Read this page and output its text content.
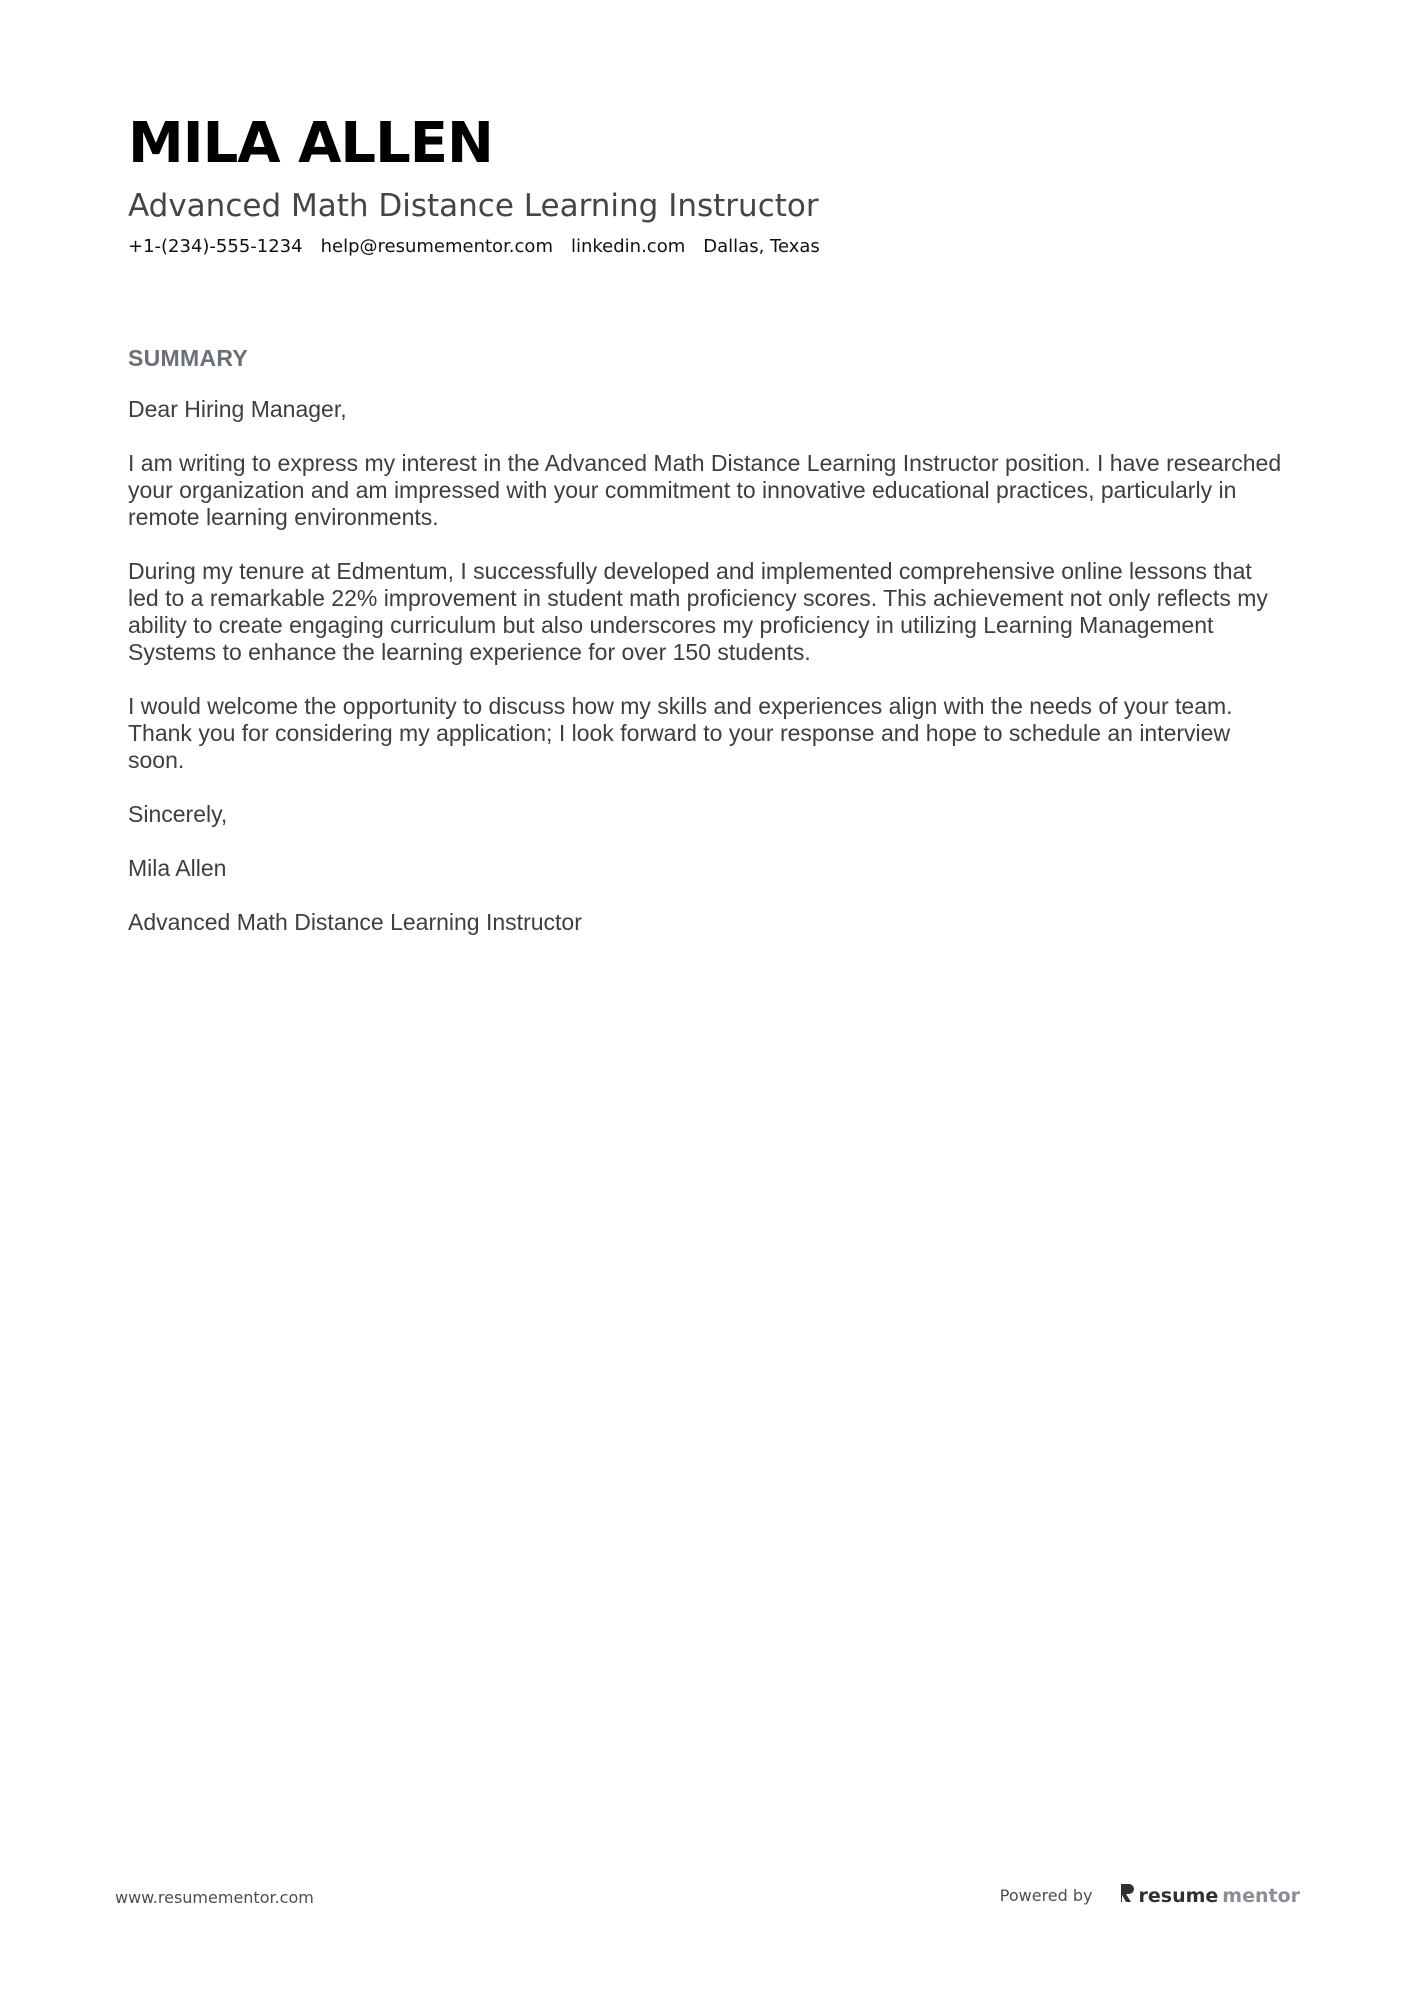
MILA ALLEN
Advanced Math Distance Learning Instructor
+1-(234)-555-1234 help@resumementor.com linkedin.com Dallas, Texas
SUMMARY

Dear Hiring Manager,

I am writing to express my interest in the Advanced Math Distance Learning Instructor position. I have researched your organization and am impressed with your commitment to innovative educational practices, particularly in remote learning environments.

During my tenure at Edmentum, I successfully developed and implemented comprehensive online lessons that led to a remarkable 22% improvement in student math proficiency scores. This achievement not only reflects my ability to create engaging curriculum but also underscores my proficiency in utilizing Learning Management Systems to enhance the learning experience for over 150 students.

I would welcome the opportunity to discuss how my skills and experiences align with the needs of your team. Thank you for considering my application; I look forward to your response and hope to schedule an interview soon.

Sincerely,

Mila Allen

Advanced Math Distance Learning Instructor

www.resumementor.com	Powered by resume mentor
